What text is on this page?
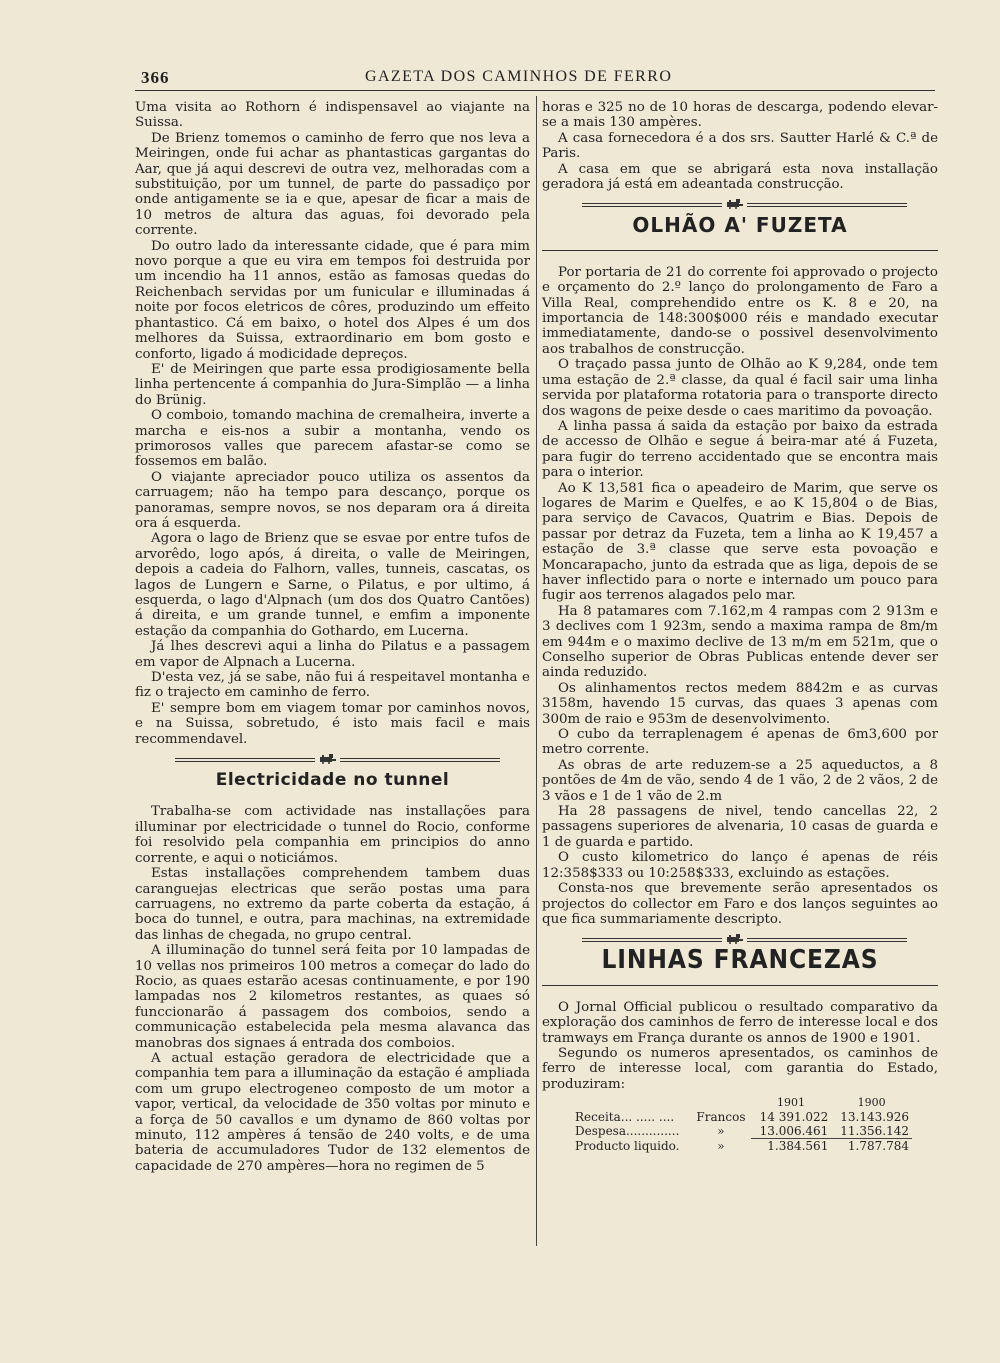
366	GAZETA DOS CAMINHOS DE FERRO

Uma visita ao Rothorn é indispensavel ao viajante na Suissa.

De Brienz tomemos o caminho de ferro que nos leva a Meiringen, onde fui achar as phantasticas gargantas do Aar, que já aqui descrevi de outra vez, melhoradas com a substituição, por um tunnel, de parte do passadiço por onde antigamente se ia e que, apesar de ficar a mais de 10 metros de altura das aguas, foi devorado pela corrente.

Do outro lado da interessante cidade, que é para mim novo porque a que eu vira em tempos foi destruida por um incendio ha 11 annos, estão as famosas quedas do Reichenbach servidas por um funicular e illuminadas á noite por focos eletricos de côres, produzindo um effeito phantastico. Cá em baixo, o hotel dos Alpes é um dos melhores da Suissa, extraordinario em bom gosto e conforto, ligado á modicidade depreços.

E' de Meiringen que parte essa prodigiosamente bella linha pertencente á companhia do Jura-Simplão — a linha do Brünig.

O comboio, tomando machina de cremalheira, inverte a marcha e eis-nos a subir a montanha, vendo os primorosos valles que parecem afastar-se como se fossemos em balão.

O viajante apreciador pouco utiliza os assentos da carruagem; não ha tempo para descanço, porque os panoramas, sempre novos, se nos deparam ora á direita ora á esquerda.

Agora o lago de Brienz que se esvae por entre tufos de arvorêdo, logo após, á direita, o valle de Meiringen, depois a cadeia do Falhorn, valles, tunneis, cascatas, os lagos de Lungern e Sarne, o Pilatus, e por ultimo, á esquerda, o lago d'Alpnach (um dos dos Quatro Cantões) á direita, e um grande tunnel, e emfim a imponente estação da companhia do Gothardo, em Lucerna.

Já lhes descrevi aqui a linha do Pilatus e a passagem em vapor de Alpnach a Lucerna.

D'esta vez, já se sabe, não fui á respeitavel montanha e fiz o trajecto em caminho de ferro.

E' sempre bom em viagem tomar por caminhos novos, e na Suissa, sobretudo, é isto mais facil e mais recommendavel.

Electricidade no tunnel

Trabalha-se com actividade nas installações para illuminar por electricidade o tunnel do Rocio, conforme foi resolvido pela companhia em principios do anno corrente, e aqui o noticiámos.

Estas installações comprehendem tambem duas caranguejas electricas que serão postas uma para carruagens, no extremo da parte coberta da estação, á boca do tunnel, e outra, para machinas, na extremidade das linhas de chegada, no grupo central.

A illuminação do tunnel será feita por 10 lampadas de 10 vellas nos primeiros 100 metros a começar do lado do Rocio, as quaes estarão acesas continuamente, e por 190 lampadas nos 2 kilometros restantes, as quaes só funccionarão á passagem dos comboios, sendo a communicação estabelecida pela mesma alavanca das manobras dos signaes á entrada dos comboios.

A actual estação geradora de electricidade que a companhia tem para a illuminação da estação é ampliada com um grupo electrogeneo composto de um motor a vapor, vertical, da velocidade de 350 voltas por minuto e a força de 50 cavallos e um dynamo de 860 voltas por minuto, 112 ampères á tensão de 240 volts, e de uma bateria de accumuladores Tudor de 132 elementos de capacidade de 270 ampères—hora no regimen de 5

horas e 325 no de 10 horas de descarga, podendo elevar-se a mais 130 ampères.

A casa fornecedora é a dos srs. Sautter Harlé & C.ª de Paris.

A casa em que se abrigará esta nova installação geradora já está em adeantada construcção.

OLHÃO A' FUZETA

Por portaria de 21 do corrente foi approvado o projecto e orçamento do 2.º lanço do prolongamento de Faro a Villa Real, comprehendido entre os K. 8 e 20, na importancia de 148:300$000 réis e mandado executar immediatamente, dando-se o possivel desenvolvimento aos trabalhos de construcção.

O traçado passa junto de Olhão ao K 9,284, onde tem uma estação de 2.ª classe, da qual é facil sair uma linha servida por plataforma rotatoria para o transporte directo dos wagons de peixe desde o caes maritimo da povoação.

A linha passa á saida da estação por baixo da estrada de accesso de Olhão e segue á beira-mar até á Fuzeta, para fugir do terreno accidentado que se encontra mais para o interior.

Ao K 13,581 fica o apeadeiro de Marim, que serve os logares de Marim e Quelfes, e ao K 15,804 o de Bias, para serviço de Cavacos, Quatrim e Bias. Depois de passar por detraz da Fuzeta, tem a linha ao K 19,457 a estação de 3.ª classe que serve esta povoação e Moncarapacho, junto da estrada que as liga, depois de se haver inflectido para o norte e internado um pouco para fugir aos terrenos alagados pelo mar.

Ha 8 patamares com 7.162,m 4 rampas com 2 913m e 3 declives com 1 923m, sendo a maxima rampa de 8m/m em 944m e o maximo declive de 13 m/m em 521m, que o Conselho superior de Obras Publicas entende dever ser ainda reduzido.

Os alinhamentos rectos medem 8842m e as curvas 3158m, havendo 15 curvas, das quaes 3 apenas com 300m de raio e 953m de desenvolvimento.

O cubo da terraplenagem é apenas de 6m3,600 por metro corrente.

As obras de arte reduzem-se a 25 aqueductos, a 8 pontões de 4m de vão, sendo 4 de 1 vão, 2 de 2 vãos, 2 de 3 vãos e 1 de 1 vão de 2.m

Ha 28 passagens de nivel, tendo cancellas 22, 2 passagens superiores de alvenaria, 10 casas de guarda e 1 de guarda e partido.

O custo kilometrico do lanço é apenas de réis 12:358$333 ou 10:258$333, excluindo as estações.

Consta-nos que brevemente serão apresentados os projectos do collector em Faro e dos lanços seguintes ao que fica summariamente descripto.

LINHAS FRANCEZAS

O Jornal Official publicou o resultado comparativo da exploração dos caminhos de ferro de interesse local e dos tramways em França durante os annos de 1900 e 1901.

Segundo os numeros apresentados, os caminhos de ferro de interesse local, com garantia do Estado, produziram:

		1901	1900
Receita... ..... ....	Francos	14 391.022	13.143.926
Despesa..............	»	13.006.461	11.356.142
Producto liquido.	»	1.384.561	1.787.784
